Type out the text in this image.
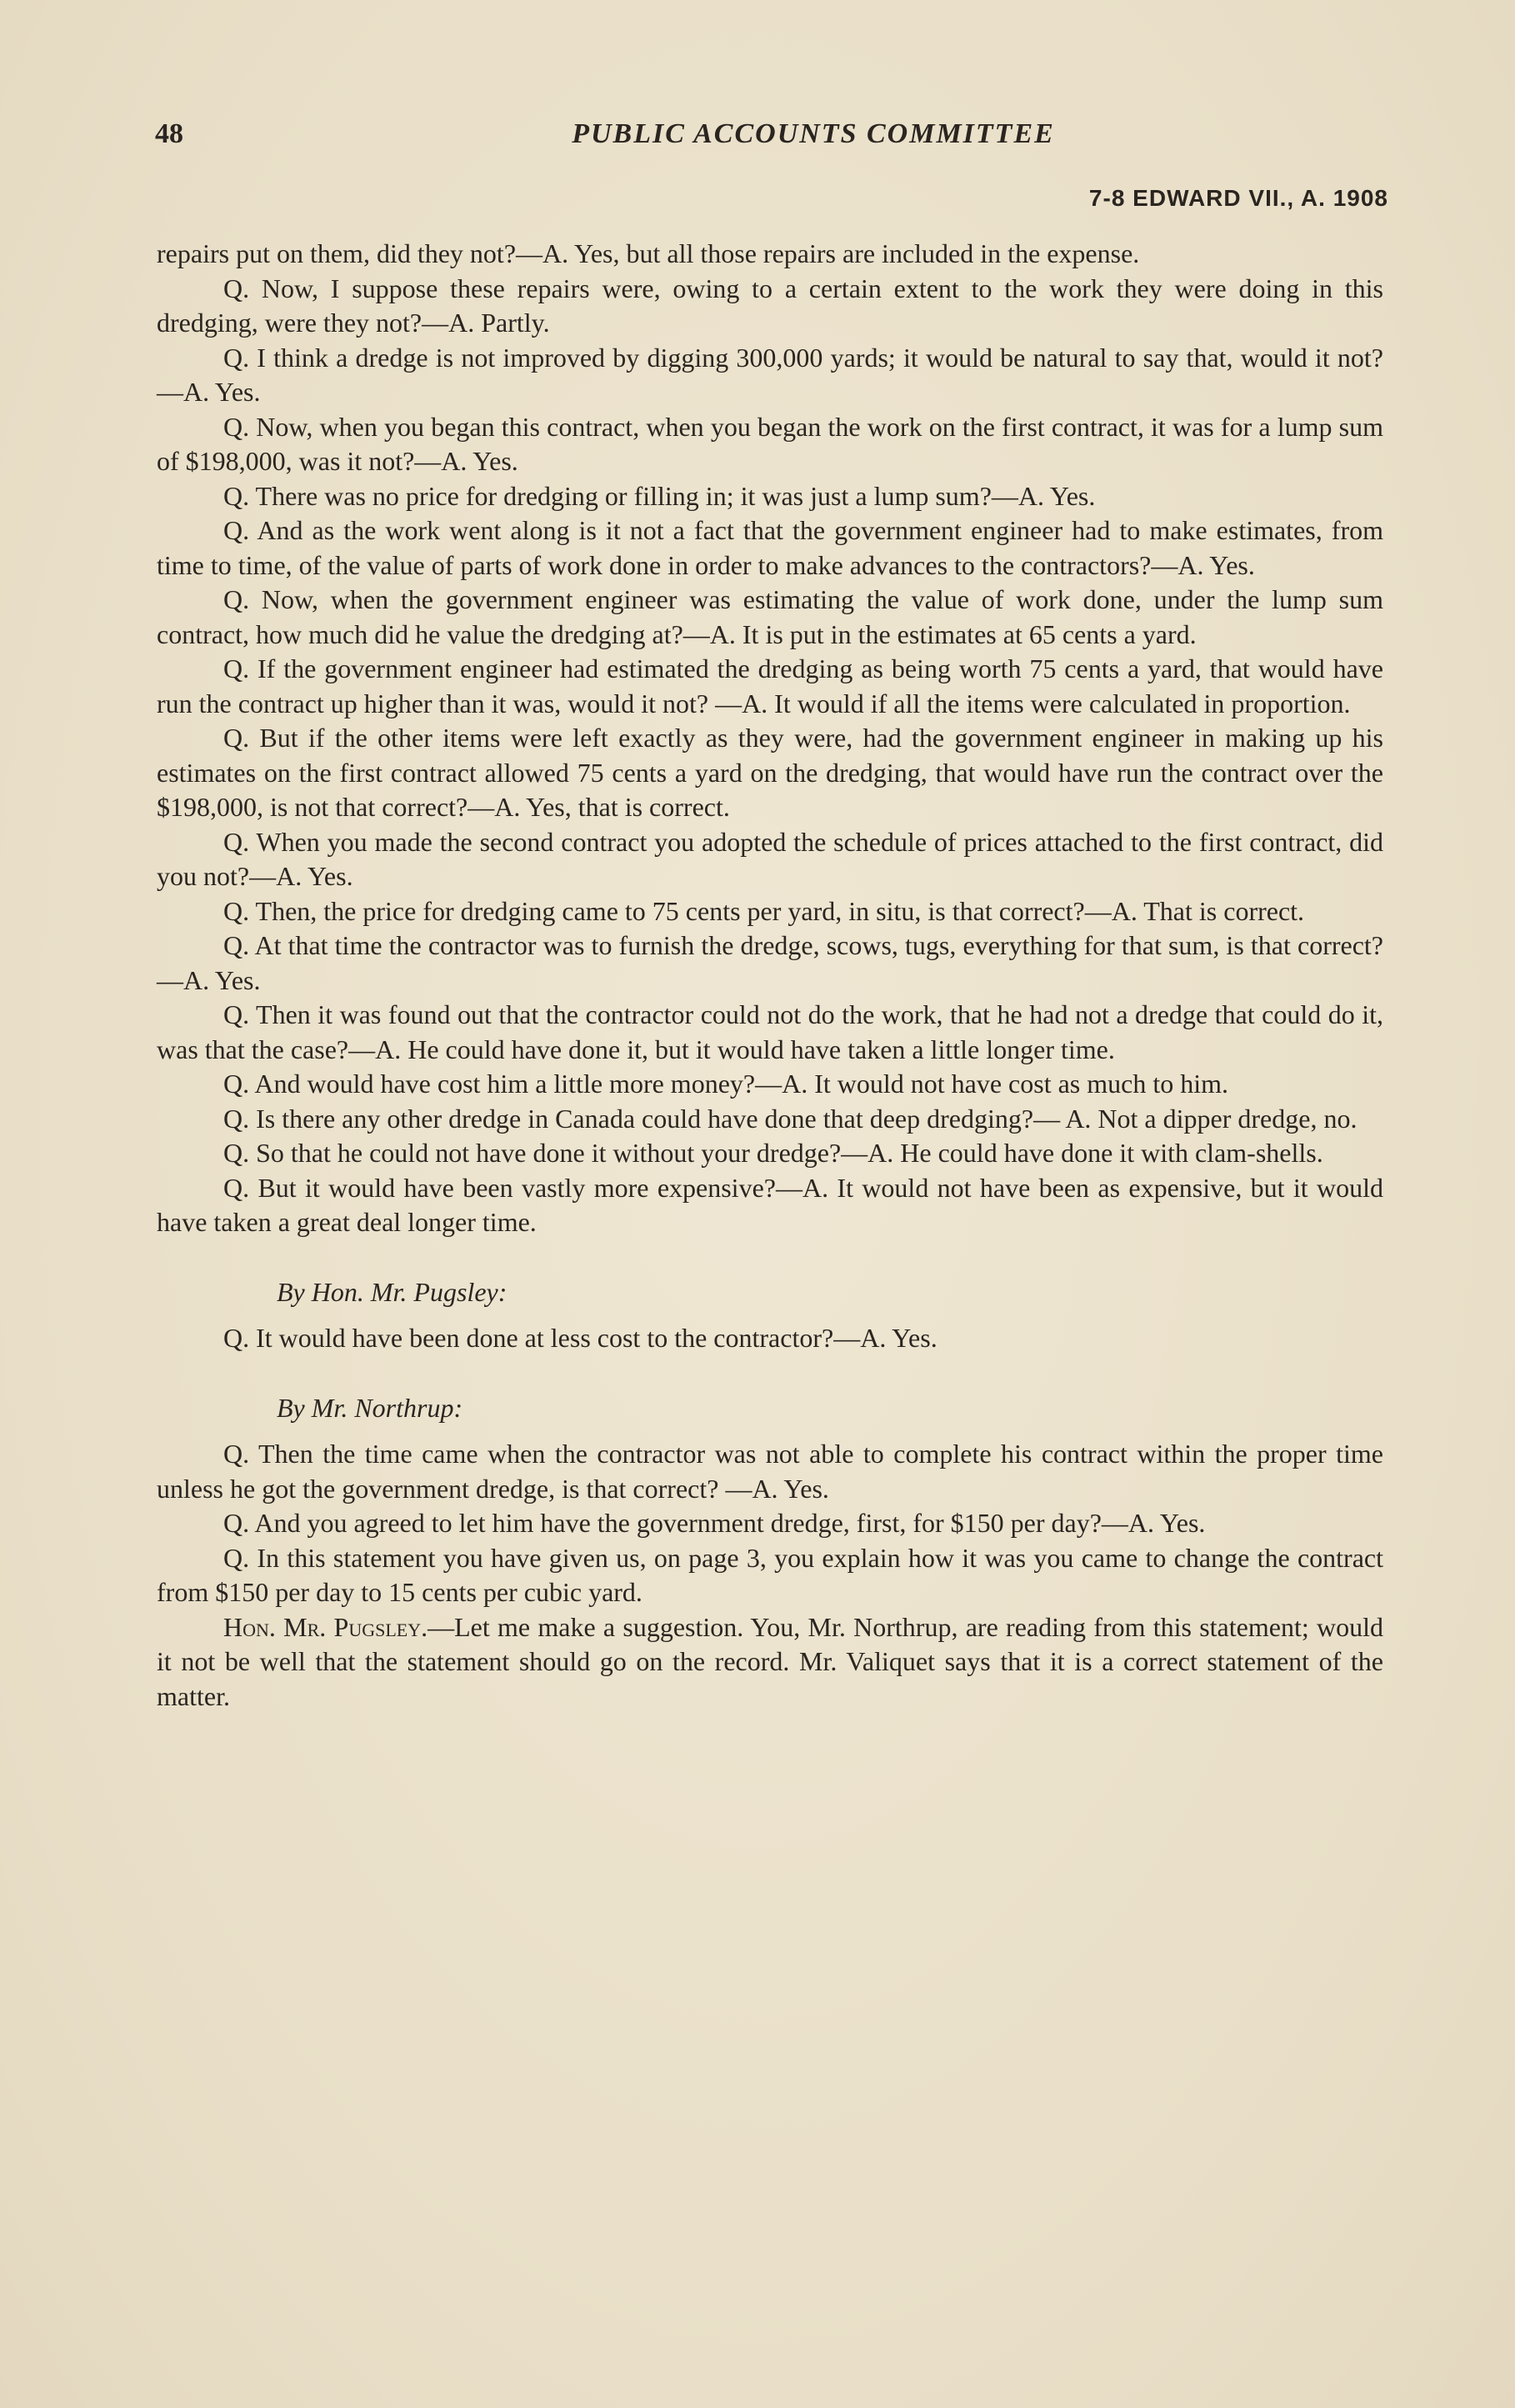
48	PUBLIC ACCOUNTS COMMITTEE
7-8 EDWARD VII., A. 1908

repairs put on them, did they not?—A. Yes, but all those repairs are included in the expense.

Q. Now, I suppose these repairs were, owing to a certain extent to the work they were doing in this dredging, were they not?—A. Partly.

Q. I think a dredge is not improved by digging 300,000 yards; it would be natural to say that, would it not?—A. Yes.

Q. Now, when you began this contract, when you began the work on the first contract, it was for a lump sum of $198,000, was it not?—A. Yes.

Q. There was no price for dredging or filling in; it was just a lump sum?—A. Yes.

Q. And as the work went along is it not a fact that the government engineer had to make estimates, from time to time, of the value of parts of work done in order to make advances to the contractors?—A. Yes.

Q. Now, when the government engineer was estimating the value of work done, under the lump sum contract, how much did he value the dredging at?—A. It is put in the estimates at 65 cents a yard.

Q. If the government engineer had estimated the dredging as being worth 75 cents a yard, that would have run the contract up higher than it was, would it not? —A. It would if all the items were calculated in proportion.

Q. But if the other items were left exactly as they were, had the government engineer in making up his estimates on the first contract allowed 75 cents a yard on the dredging, that would have run the contract over the $198,000, is not that correct?—A. Yes, that is correct.

Q. When you made the second contract you adopted the schedule of prices attached to the first contract, did you not?—A. Yes.

Q. Then, the price for dredging came to 75 cents per yard, in situ, is that correct?—A. That is correct.

Q. At that time the contractor was to furnish the dredge, scows, tugs, everything for that sum, is that correct?—A. Yes.

Q. Then it was found out that the contractor could not do the work, that he had not a dredge that could do it, was that the case?—A. He could have done it, but it would have taken a little longer time.

Q. And would have cost him a little more money?—A. It would not have cost as much to him.

Q. Is there any other dredge in Canada could have done that deep dredging?— A. Not a dipper dredge, no.

Q. So that he could not have done it without your dredge?—A. He could have done it with clam-shells.

Q. But it would have been vastly more expensive?—A. It would not have been as expensive, but it would have taken a great deal longer time.

By Hon. Mr. Pugsley:

Q. It would have been done at less cost to the contractor?—A. Yes.

By Mr. Northrup:

Q. Then the time came when the contractor was not able to complete his contract within the proper time unless he got the government dredge, is that correct? —A. Yes.

Q. And you agreed to let him have the government dredge, first, for $150 per day?—A. Yes.

Q. In this statement you have given us, on page 3, you explain how it was you came to change the contract from $150 per day to 15 cents per cubic yard.

Hon. Mr. Pugsley.—Let me make a suggestion. You, Mr. Northrup, are reading from this statement; would it not be well that the statement should go on the record. Mr. Valiquet says that it is a correct statement of the matter.
